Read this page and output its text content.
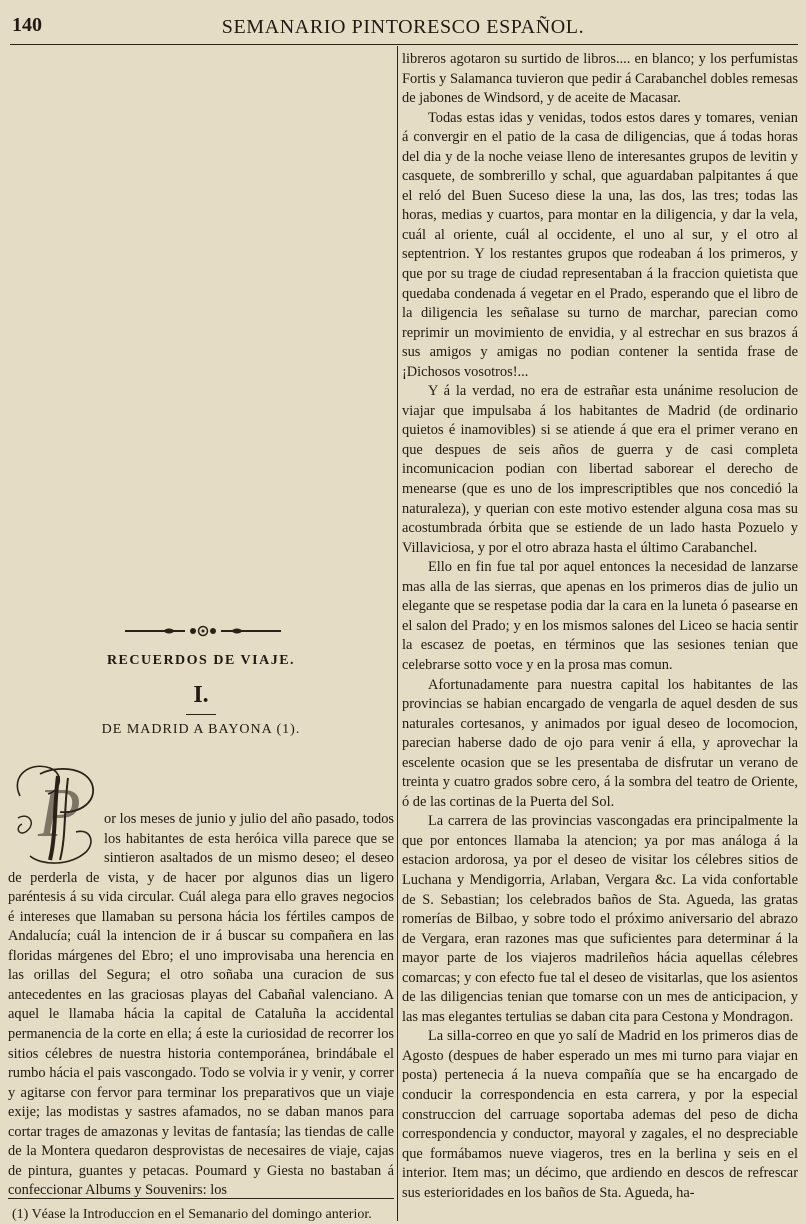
140	SEMANARIO PINTORESCO ESPAÑOL.
RECUERDOS DE VIAJE.
I.
DE MADRID A BAYONA (1).
P	or los meses de junio y julio del año pasado, todos los habitantes de esta heróica villa parece que se sintieron asaltados de un mismo deseo; el deseo de perderla de vista, y de hacer por algunos dias un ligero paréntesis á su vida circular. Cuál alega para ello graves negocios é intereses que llamaban su persona hácia los fértiles campos de Andalucía; cuál la intencion de ir á buscar su compañera en las floridas márgenes del Ebro; el uno improvisaba una herencia en las orillas del Segura; el otro soñaba una curacion de sus antecedentes en las graciosas playas del Cabañal valenciano. A aquel le llamaba hácia la capital de Cataluña la accidental permanencia de la corte en ella; á este la curiosidad de recorrer los sitios célebres de nuestra historia contemporánea, brindábale el rumbo hácia el pais vascongado. Todo se volvia ir y venir, y correr y agitarse con fervor para terminar los preparativos que un viaje exije; las modistas y sastres afamados, no se daban manos para cortar trages de amazonas y levitas de fantasía; las tiendas de calle de la Montera quedaron desprovistas de necesaires de viaje, cajas de pintura, guantes y petacas. Poumard y Giesta no bastaban á confeccionar Albums y Souvenirs: los

(1) Véase la Introduccion en el Semanario del domingo anterior.

libreros agotaron su surtido de libros.... en blanco; y los perfumistas Fortis y Salamanca tuvieron que pedir á Carabanchel dobles remesas de jabones de Windsord, y de aceite de Macasar.

Todas estas idas y venidas, todos estos dares y tomares, venian á convergir en el patio de la casa de diligencias, que á todas horas del dia y de la noche veiase lleno de interesantes grupos de levitin y casquete, de sombrerillo y schal, que aguardaban palpitantes á que el reló del Buen Suceso diese la una, las dos, las tres; todas las horas, medias y cuartos, para montar en la diligencia, y dar la vela, cuál al oriente, cuál al occidente, el uno al sur, y el otro al septentrion. Y los restantes grupos que rodeaban á los primeros, y que por su trage de ciudad representaban á la fraccion quietista que quedaba condenada á vegetar en el Prado, esperando que el libro de la diligencia les señalase su turno de marchar, parecian como reprimir un movimiento de envidia, y al estrechar en sus brazos á sus amigos y amigas no podian contener la sentida frase de ¡Dichosos vosotros!...

Y á la verdad, no era de estrañar esta unánime resolucion de viajar que impulsaba á los habitantes de Madrid (de ordinario quietos é inamovibles) si se atiende á que era el primer verano en que despues de seis años de guerra y de casi completa incomunicacion podian con libertad saborear el derecho de menearse (que es uno de los imprescriptibles que nos concedió la naturaleza), y querian con este motivo estender alguna cosa mas su acostumbrada órbita que se estiende de un lado hasta Pozuelo y Villaviciosa, y por el otro abraza hasta el último Carabanchel.

Ello en fin fue tal por aquel entonces la necesidad de lanzarse mas alla de las sierras, que apenas en los primeros dias de julio un elegante que se respetase podia dar la cara en la luneta ó pasearse en el salon del Prado; y en los mismos salones del Liceo se hacia sentir la escasez de poetas, en términos que las sesiones tenian que celebrarse sotto voce y en la prosa mas comun.

Afortunadamente para nuestra capital los habitantes de las provincias se habian encargado de vengarla de aquel desden de sus naturales cortesanos, y animados por igual deseo de locomocion, parecian haberse dado de ojo para venir á ella, y aprovechar la escelente ocasion que se les presentaba de disfrutar un verano de treinta y cuatro grados sobre cero, á la sombra del teatro de Oriente, ó de las cortinas de la Puerta del Sol.

La carrera de las provincias vascongadas era principalmente la que por entonces llamaba la atencion; ya por mas análoga á la estacion ardorosa, ya por el deseo de visitar los célebres sitios de Luchana y Mendigorria, Arlaban, Vergara &c. La vida confortable de S. Sebastian; los celebrados baños de Sta. Agueda, las gratas romerías de Bilbao, y sobre todo el próximo aniversario del abrazo de Vergara, eran razones mas que suficientes para determinar á la mayor parte de los viajeros madrileños hácia aquellas célebres comarcas; y con efecto fue tal el deseo de visitarlas, que los asientos de las diligencias tenian que tomarse con un mes de anticipacion, y las mas elegantes tertulias se daban cita para Cestona y Mondragon.

La silla-correo en que yo salí de Madrid en los primeros dias de Agosto (despues de haber esperado un mes mi turno para viajar en posta) pertenecia á la nueva compañía que se ha encargado de conducir la correspondencia en esta carrera, y por la especial construccion del carruage soportaba ademas del peso de dicha correspondencia y conductor, mayoral y zagales, el no despreciable que formábamos nueve viageros, tres en la berlina y seis en el interior. Item mas; un décimo, que ardiendo en descos de refrescar sus esterioridades en los baños de Sta. Agueda, ha-
